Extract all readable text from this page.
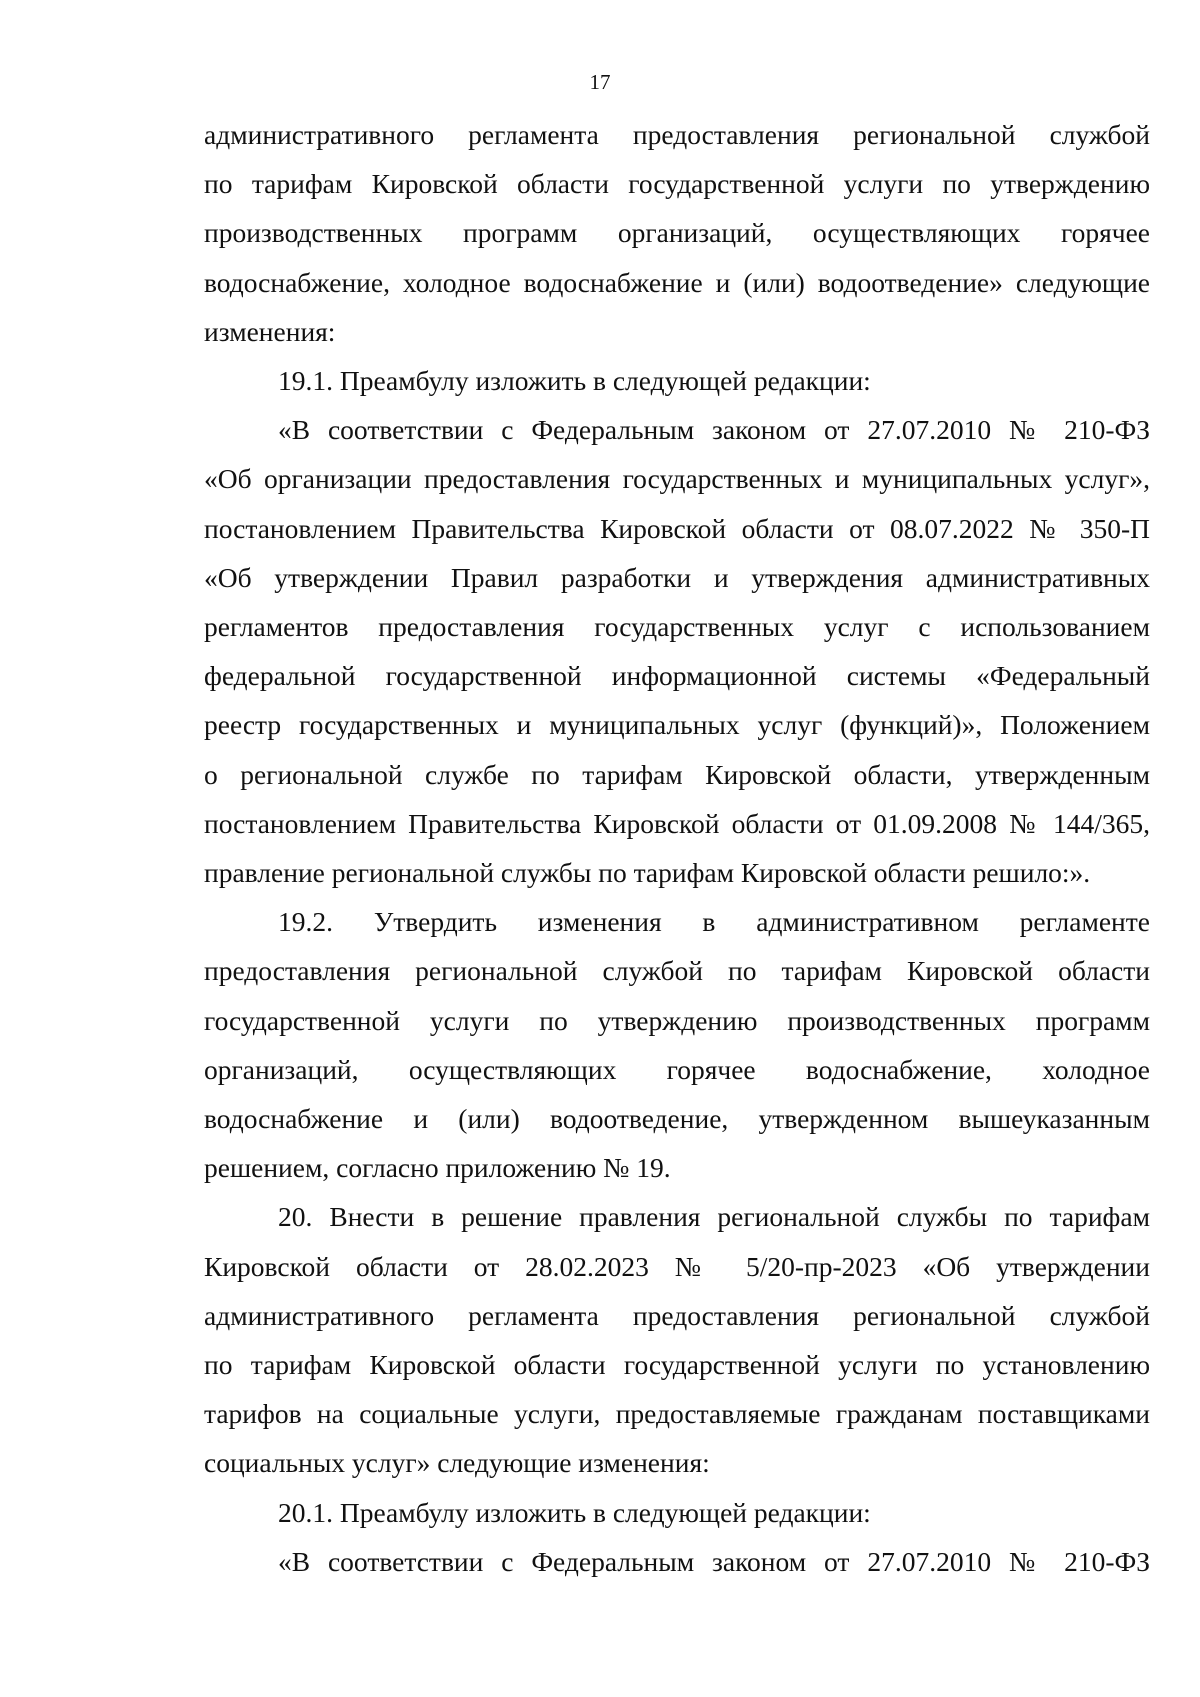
17

административного регламента предоставления региональной службой

по тарифам Кировской области государственной услуги по утверждению

производственных программ организаций, осуществляющих горячее

водоснабжение, холодное водоснабжение и (или) водоотведение» следующие

изменения:

19.1. Преамбулу изложить в следующей редакции:

«В соответствии с Федеральным законом от 27.07.2010 № 210-ФЗ

«Об организации предоставления государственных и муниципальных услуг»,

постановлением Правительства Кировской области от 08.07.2022 № 350-П

«Об утверждении Правил разработки и утверждения административных

регламентов предоставления государственных услуг с использованием

федеральной государственной информационной системы «Федеральный

реестр государственных и муниципальных услуг (функций)», Положением

о региональной службе по тарифам Кировской области, утвержденным

постановлением Правительства Кировской области от 01.09.2008 № 144/365,

правление региональной службы по тарифам Кировской области решило:».

19.2. Утвердить изменения в административном регламенте

предоставления региональной службой по тарифам Кировской области

государственной услуги по утверждению производственных программ

организаций, осуществляющих горячее водоснабжение, холодное

водоснабжение и (или) водоотведение, утвержденном вышеуказанным

решением, согласно приложению № 19.

20. Внести в решение правления региональной службы по тарифам

Кировской области от 28.02.2023 № 5/20-пр-2023 «Об утверждении

административного регламента предоставления региональной службой

по тарифам Кировской области государственной услуги по установлению

тарифов на социальные услуги, предоставляемые гражданам поставщиками

социальных услуг» следующие изменения:

20.1. Преамбулу изложить в следующей редакции:

«В соответствии с Федеральным законом от 27.07.2010 № 210-ФЗ
